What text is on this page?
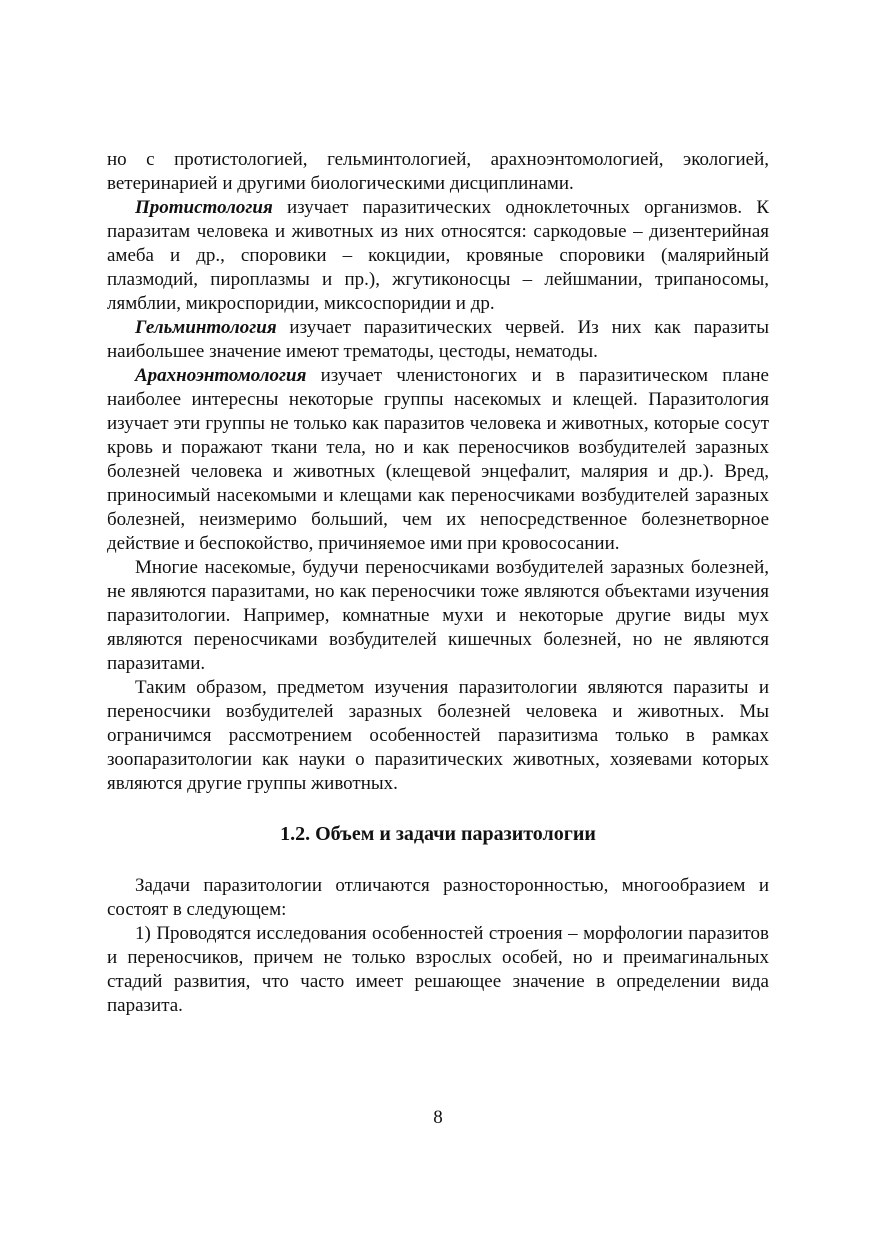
но с протистологией, гельминтологией, арахноэнтомологией, экологией, ветеринарией и другими биологическими дисциплинами.

Протистология изучает паразитических одноклеточных организмов. К паразитам человека и животных из них относятся: саркодовые – дизентерийная амеба и др., споровики – кокцидии, кровяные споровики (малярийный плазмодий, пироплазмы и пр.), жгутиконосцы – лейшмании, трипаносомы, лямблии, микроспоридии, миксоспоридии и др.

Гельминтология изучает паразитических червей. Из них как паразиты наибольшее значение имеют трематоды, цестоды, нематоды.

Арахноэнтомология изучает членистоногих и в паразитическом плане наиболее интересны некоторые группы насекомых и клещей. Паразитология изучает эти группы не только как паразитов человека и животных, которые сосут кровь и поражают ткани тела, но и как переносчиков возбудителей заразных болезней человека и животных (клещевой энцефалит, малярия и др.). Вред, приносимый насекомыми и клещами как переносчиками возбудителей заразных болезней, неизмеримо больший, чем их непосредственное болезнетворное действие и беспокойство, причиняемое ими при кровососании.

Многие насекомые, будучи переносчиками возбудителей заразных болезней, не являются паразитами, но как переносчики тоже являются объектами изучения паразитологии. Например, комнатные мухи и некоторые другие виды мух являются переносчиками возбудителей кишечных болезней, но не являются паразитами.

Таким образом, предметом изучения паразитологии являются паразиты и переносчики возбудителей заразных болезней человека и животных. Мы ограничимся рассмотрением особенностей паразитизма только в рамках зоопаразитологии как науки о паразитических животных, хозяевами которых являются другие группы животных.

1.2. Объем и задачи паразитологии

Задачи паразитологии отличаются разносторонностью, многообразием и состоят в следующем:

1) Проводятся исследования особенностей строения – морфологии паразитов и переносчиков, причем не только взрослых особей, но и преимагинальных стадий развития, что часто имеет решающее значение в определении вида паразита.

8
